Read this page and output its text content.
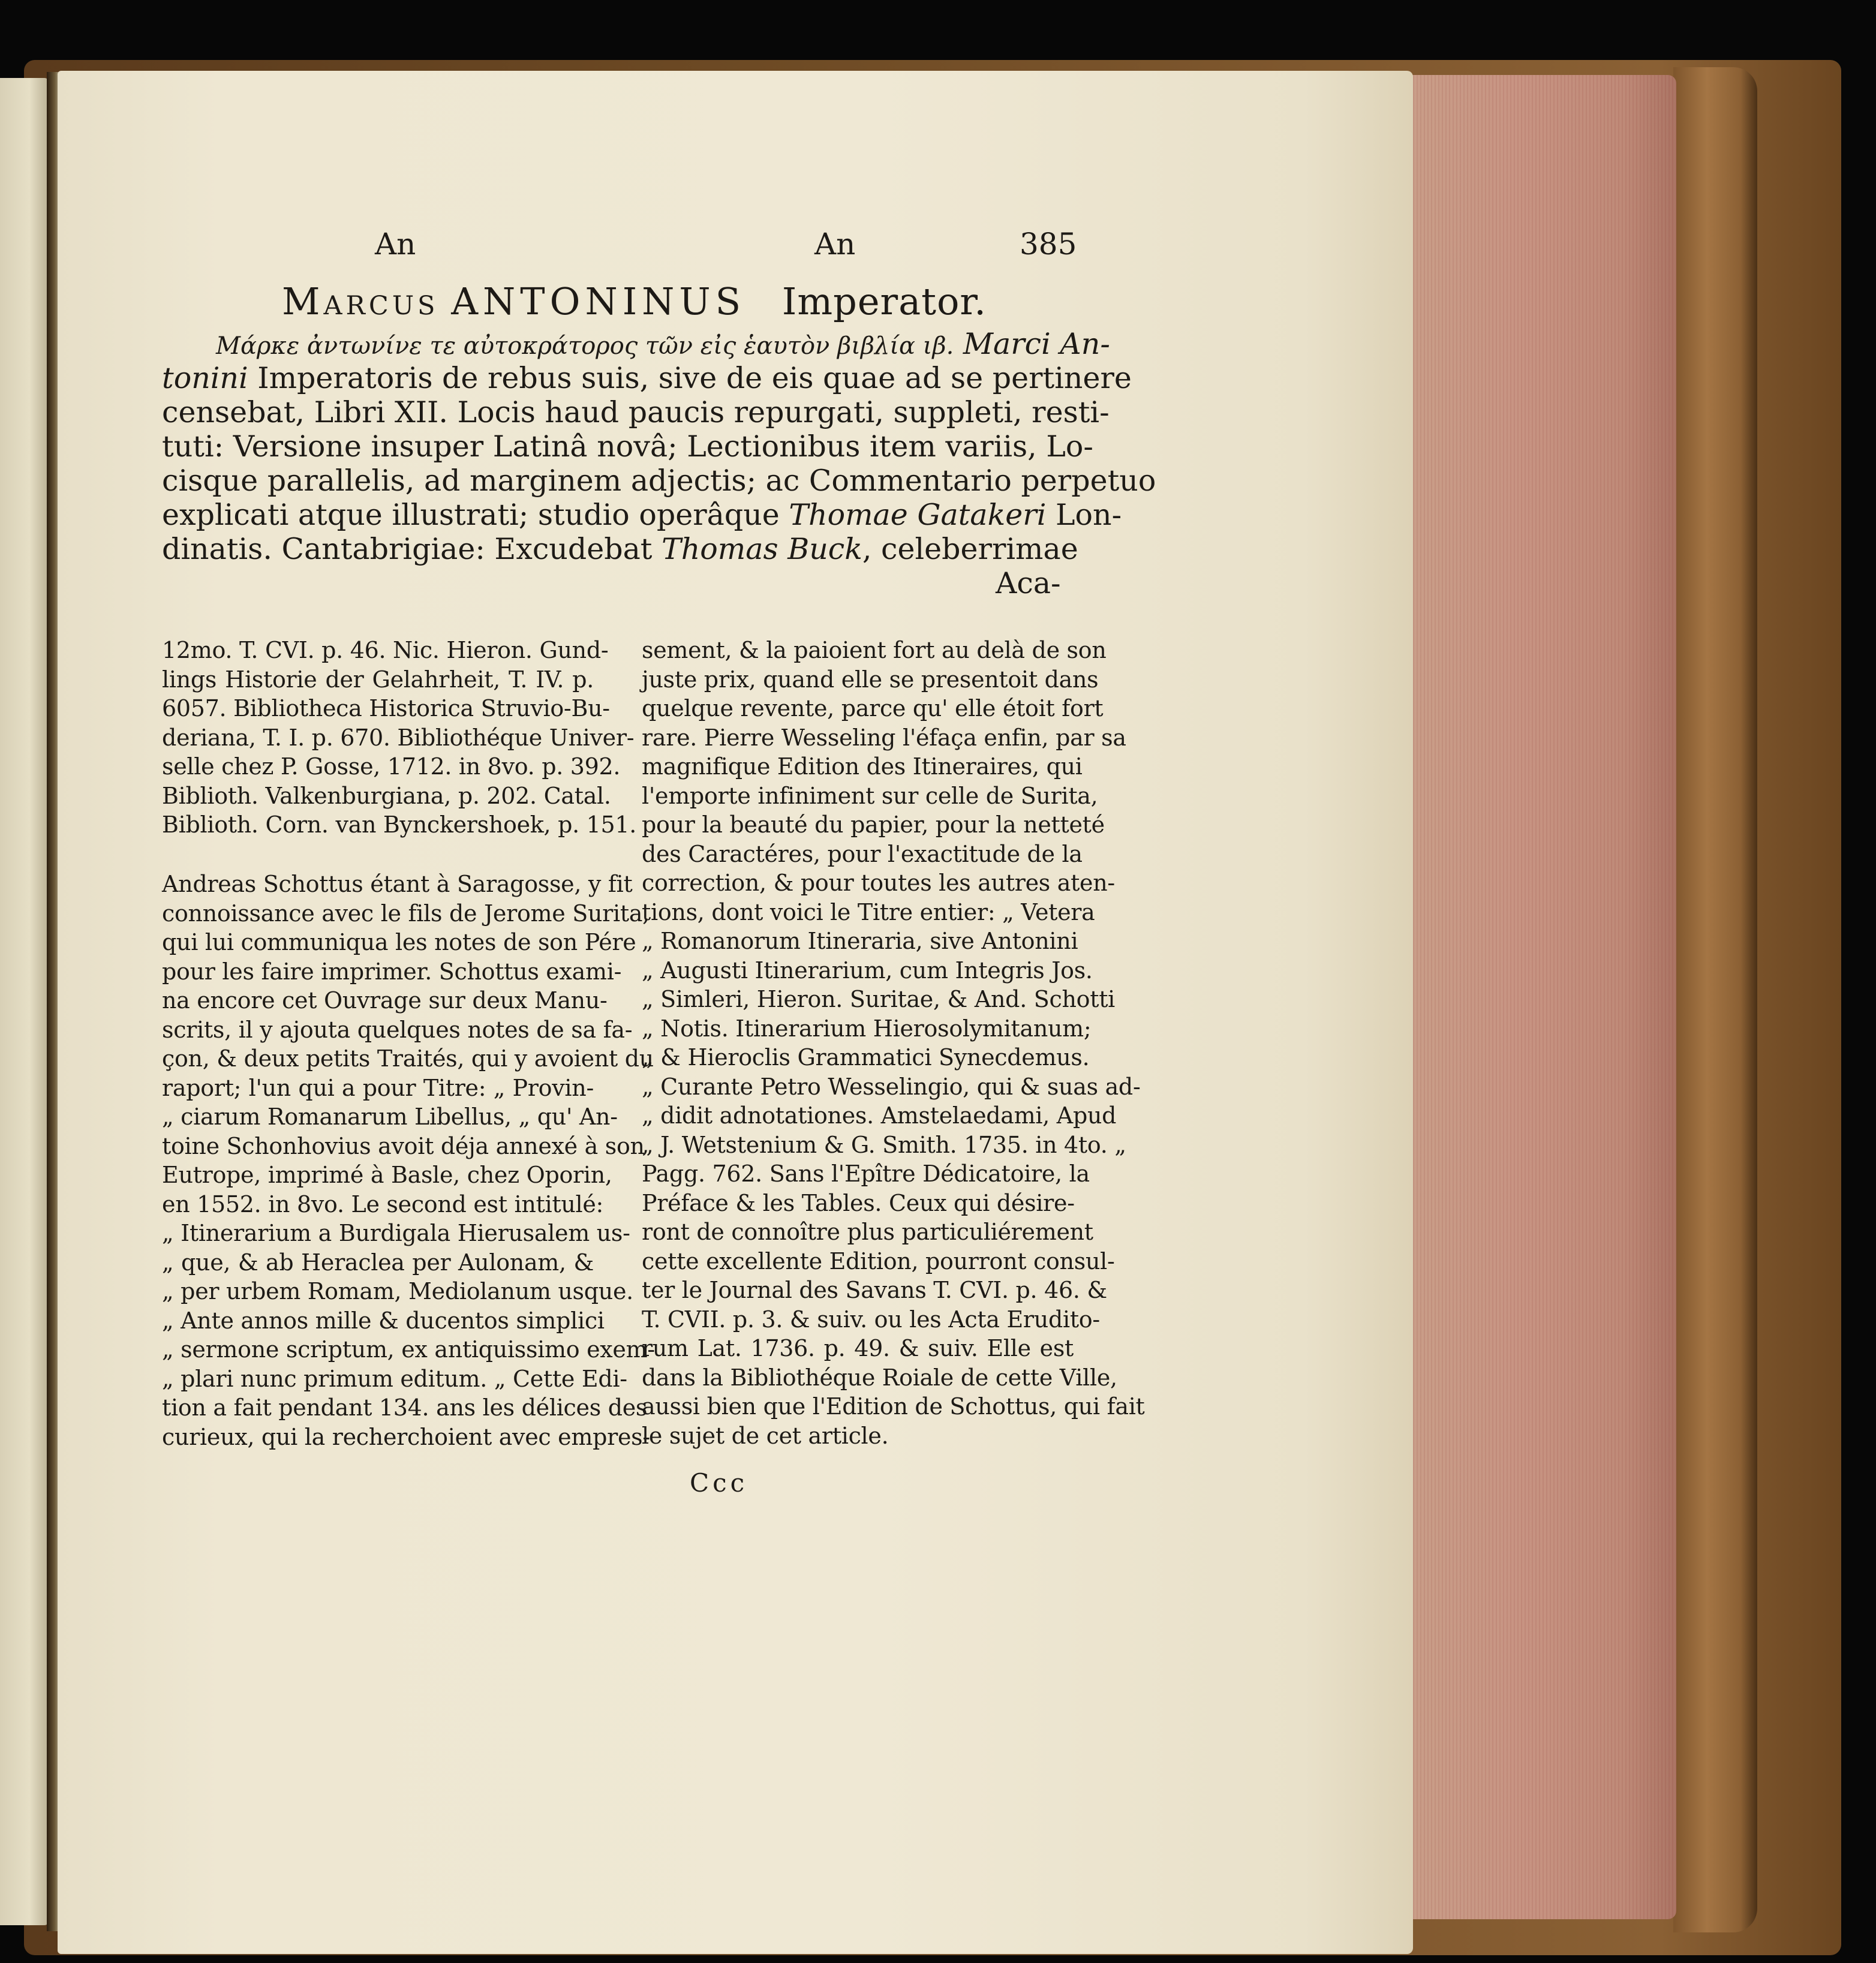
An	An	385
Marcus ANTONINUS Imperator.
Μάρκε ἀντωνίνε τε αὐτοκράτορος τῶν εἰς ἑαυτὸν βιβλία ιβ. Marci An-
tonini Imperatoris de rebus suis, sive de eis quae ad se pertinere
censebat, Libri XII. Locis haud paucis repurgati, suppleti, resti-
tuti: Versione insuper Latinâ novâ; Lectionibus item variis, Lo-
cisque parallelis, ad marginem adjectis; ac Commentario perpetuo
explicati atque illustrati; studio operâque Thomae Gatakeri Lon-
dinatis. Cantabrigiae: Excudebat Thomas Buck, celeberrimae
Aca-
12mo. T. CVI. p. 46. Nic. Hieron. Gund-
lings Historie der Gelahrheit, T. IV. p.
6057. Bibliotheca Historica Struvio-Bu-
deriana, T. I. p. 670. Bibliothéque Univer-
selle chez P. Gosse, 1712. in 8vo. p. 392.
Biblioth. Valkenburgiana, p. 202. Catal.
Biblioth. Corn. van Bynckershoek, p. 151.
Andreas Schottus étant à Saragosse, y fit
connoissance avec le fils de Jerome Surita,
qui lui communiqua les notes de son Pére
pour les faire imprimer. Schottus exami-
na encore cet Ouvrage sur deux Manu-
scrits, il y ajouta quelques notes de sa fa-
çon, & deux petits Traités, qui y avoient du
raport; l'un qui a pour Titre: „ Provin-
„ ciarum Romanarum Libellus, „ qu' An-
toine Schonhovius avoit déja annexé à son
Eutrope, imprimé à Basle, chez Oporin,
en 1552. in 8vo. Le second est intitulé:
„ Itinerarium a Burdigala Hierusalem us-
„ que, & ab Heraclea per Aulonam, &
„ per urbem Romam, Mediolanum usque.
„ Ante annos mille & ducentos simplici
„ sermone scriptum, ex antiquissimo exem-
„ plari nunc primum editum. „ Cette Edi-
tion a fait pendant 134. ans les délices des
curieux, qui la recherchoient avec empres-
sement, & la paioient fort au delà de son
juste prix, quand elle se presentoit dans
quelque revente, parce qu' elle étoit fort
rare. Pierre Wesseling l'éfaça enfin, par sa
magnifique Edition des Itineraires, qui
l'emporte infiniment sur celle de Surita,
pour la beauté du papier, pour la netteté
des Caractéres, pour l'exactitude de la
correction, & pour toutes les autres aten-
tions, dont voici le Titre entier: „ Vetera
„ Romanorum Itineraria, sive Antonini
„ Augusti Itinerarium, cum Integris Jos.
„ Simleri, Hieron. Suritae, & And. Schotti
„ Notis. Itinerarium Hierosolymitanum;
„ & Hieroclis Grammatici Synecdemus.
„ Curante Petro Wesselingio, qui & suas ad-
„ didit adnotationes. Amstelaedami, Apud
„ J. Wetstenium & G. Smith. 1735. in 4to. „
Pagg. 762. Sans l'Epître Dédicatoire, la
Préface & les Tables. Ceux qui désire-
ront de connoître plus particuliérement
cette excellente Edition, pourront consul-
ter le Journal des Savans T. CVI. p. 46. &
T. CVII. p. 3. & suiv. ou les Acta Erudito-
rum Lat. 1736. p. 49. & suiv. Elle est
dans la Bibliothéque Roiale de cette Ville,
aussi bien que l'Edition de Schottus, qui fait
le sujet de cet article.
Ccc
